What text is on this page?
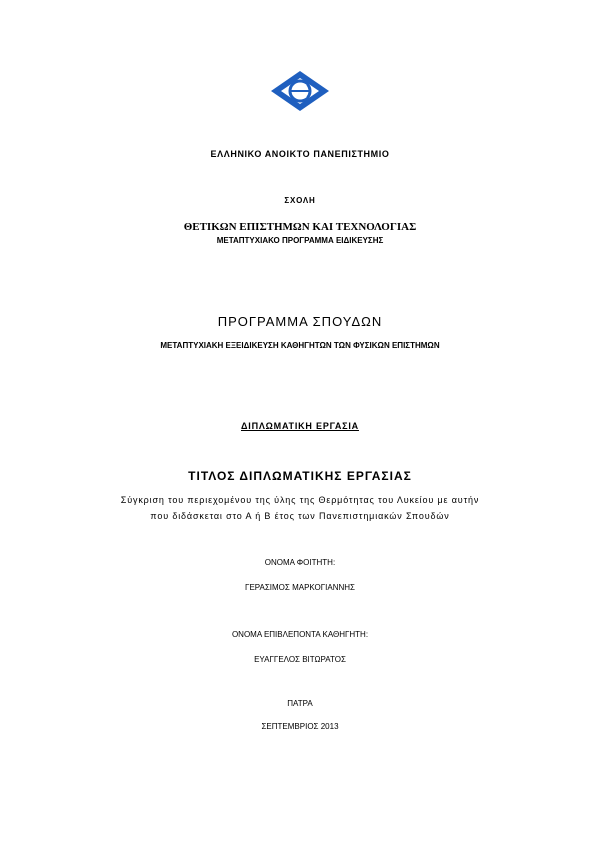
ΕΛΛΗΝΙΚΟ ΑΝΟΙΚΤΟ ΠΑΝΕΠΙΣΤΗΜΙΟ
ΣΧΟΛΗ
ΘΕΤΙΚΩΝ ΕΠΙΣΤΗΜΩΝ ΚΑΙ ΤΕΧΝΟΛΟΓΙΑΣ
ΜΕΤΑΠΤΥΧΙΑΚΟ ΠΡΟΓΡΑΜΜΑ ΕΙΔΙΚΕΥΣΗΣ
ΠΡΟΓΡΑΜΜΑ ΣΠΟΥΔΩΝ
ΜΕΤΑΠΤΥΧΙΑΚΗ ΕΞΕΙΔΙΚΕΥΣΗ ΚΑΘΗΓΗΤΩΝ ΤΩΝ ΦΥΣΙΚΩΝ ΕΠΙΣΤΗΜΩΝ
ΔΙΠΛΩΜΑΤΙΚΗ ΕΡΓΑΣΙΑ
ΤΙΤΛΟΣ ΔΙΠΛΩΜΑΤΙΚΗΣ ΕΡΓΑΣΙΑΣ
Σύγκριση του περιεχομένου της ύλης της Θερμότητας του Λυκείου με αυτήν
που διδάσκεται στο Α ή Β έτος των Πανεπιστημιακών Σπουδών
ΟΝΟΜΑ ΦΟΙΤΗΤΗ:
ΓΕΡΑΣΙΜΟΣ ΜΑΡΚΟΓΙΑΝΝΗΣ
ΟΝΟΜΑ ΕΠΙΒΛΕΠΟΝΤΑ ΚΑΘΗΓΗΤΗ:
ΕΥΑΓΓΕΛΟΣ ΒΙΤΩΡΑΤΟΣ
ΠΑΤΡΑ
ΣΕΠΤΕΜΒΡΙΟΣ 2013
